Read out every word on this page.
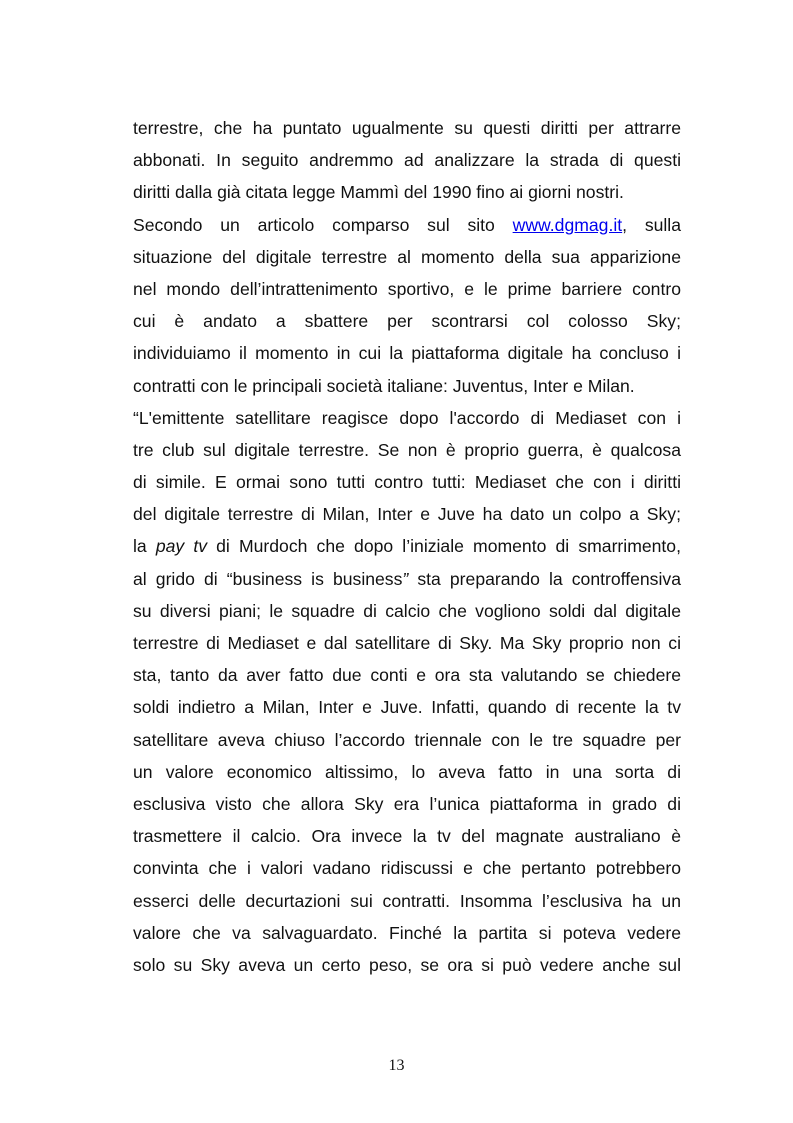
terrestre, che ha puntato ugualmente su questi diritti per attrarre
abbonati. In seguito andremmo ad analizzare la strada di questi
diritti dalla già citata legge Mammì del 1990 fino ai giorni nostri.
Secondo un articolo comparso sul sito www.dgmag.it, sulla
situazione del digitale terrestre al momento della sua apparizione
nel mondo dell’intrattenimento sportivo, e le prime barriere contro
cui è andato a sbattere per scontrarsi col colosso Sky;
individuiamo il momento in cui la piattaforma digitale ha concluso i
contratti con le principali società italiane: Juventus, Inter e Milan.
“L'emittente satellitare reagisce dopo l'accordo di Mediaset con i
tre club sul digitale terrestre. Se non è proprio guerra, è qualcosa
di simile. E ormai sono tutti contro tutti: Mediaset che con i diritti
del digitale terrestre di Milan, Inter e Juve ha dato un colpo a Sky;
la pay tv di Murdoch che dopo l’iniziale momento di smarrimento,
al grido di “business is business” sta preparando la controffensiva
su diversi piani; le squadre di calcio che vogliono soldi dal digitale
terrestre di Mediaset e dal satellitare di Sky. Ma Sky proprio non ci
sta, tanto da aver fatto due conti e ora sta valutando se chiedere
soldi indietro a Milan, Inter e Juve. Infatti, quando di recente la tv
satellitare aveva chiuso l’accordo triennale con le tre squadre per
un valore economico altissimo, lo aveva fatto in una sorta di
esclusiva visto che allora Sky era l’unica piattaforma in grado di
trasmettere il calcio. Ora invece la tv del magnate australiano è
convinta che i valori vadano ridiscussi e che pertanto potrebbero
esserci delle decurtazioni sui contratti. Insomma l’esclusiva ha un
valore che va salvaguardato. Finché la partita si poteva vedere
solo su Sky aveva un certo peso, se ora si può vedere anche sul
13
